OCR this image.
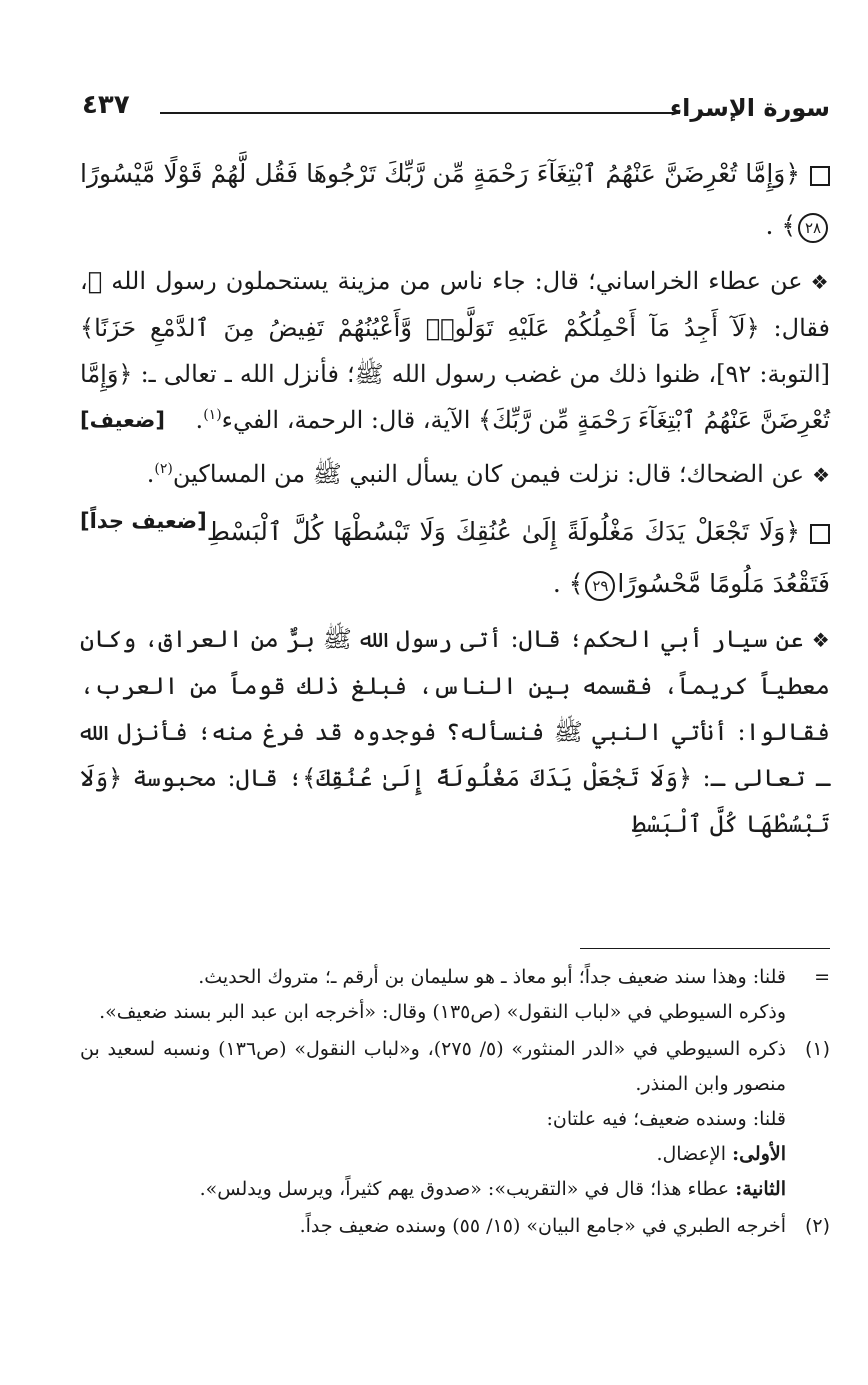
سورة الإسراء
٤٣٧

﴿وَإِمَّا تُعْرِضَنَّ عَنْهُمُ ٱبْتِغَآءَ رَحْمَةٍ مِّن رَّبِّكَ تَرْجُوهَا فَقُل لَّهُمْ قَوْلًا مَّيْسُورًا٢٨﴾ .

❖عن عطاء الخراساني؛ قال: جاء ناس من مزينة يستحملون رسول الله ﷺ، فقال: ﴿لَآ أَجِدُ مَآ أَحْمِلُكُمْ عَلَيْهِ تَوَلَّوا۟ وَّأَعْيُنُهُمْ تَفِيضُ مِنَ ٱلدَّمْعِ حَزَنًا﴾ [التوبة: ٩٢]، ظنوا ذلك من غضب رسول الله ﷺ؛ فأنزل الله ـ تعالى ـ: ﴿وَإِمَّا تُعْرِضَنَّ عَنْهُمُ ٱبْتِغَآءَ رَحْمَةٍ مِّن رَّبِّكَ﴾ الآية، قال: الرحمة، الفيء$^{(١)}$.
[ضعيف]

❖عن الضحاك؛ قال: نزلت فيمن كان يسأل النبي ﷺ من المساكين$^{(٢)}$.
[ضعيف جداً] ﴿وَلَا تَجْعَلْ يَدَكَ مَغْلُولَةً إِلَىٰ عُنُقِكَ وَلَا تَبْسُطْهَا كُلَّ ٱلْبَسْطِ فَتَقْعُدَ مَلُومًا مَّحْسُورًا٢٩﴾ .

❖عن سيار أبي الحكم؛ قال: أتى رسول الله ﷺ برٌّ من العراق، وكان معطياً كريماً، فقسمه بين الناس، فبلغ ذلك قوماً من العرب، فقالوا: أنأتي النبي ﷺ فنسأله؟ فوجدوه قد فرغ منه؛ فأنزل الله ـ تعالى ـ: ﴿وَلَا تَجْعَلْ يَدَكَ مَغْلُولَةً إِلَىٰ عُنُقِكَ﴾؛ قال: محبوسة ﴿وَلَا تَبْسُطْهَا كُلَّ ٱلْبَسْطِ

=
قلنا: وهذا سند ضعيف جداً؛ أبو معاذ ـ هو سليمان بن أرقم ـ؛ متروك الحديث.
وذكره السيوطي في «لباب النقول» (ص١٣٥) وقال: «أخرجه ابن عبد البر بسند ضعيف».
(١)
ذكره السيوطي في «الدر المنثور» (٥/ ٢٧٥)، و«لباب النقول» (ص١٣٦) ونسبه لسعيد بن منصور وابن المنذر.
قلنا: وسنده ضعيف؛ فيه علتان:
الأولى: الإعضال.
الثانية: عطاء هذا؛ قال في «التقريب»: «صدوق يهم كثيراً، ويرسل ويدلس».
(٢)
أخرجه الطبري في «جامع البيان» (١٥/ ٥٥) وسنده ضعيف جداً.
